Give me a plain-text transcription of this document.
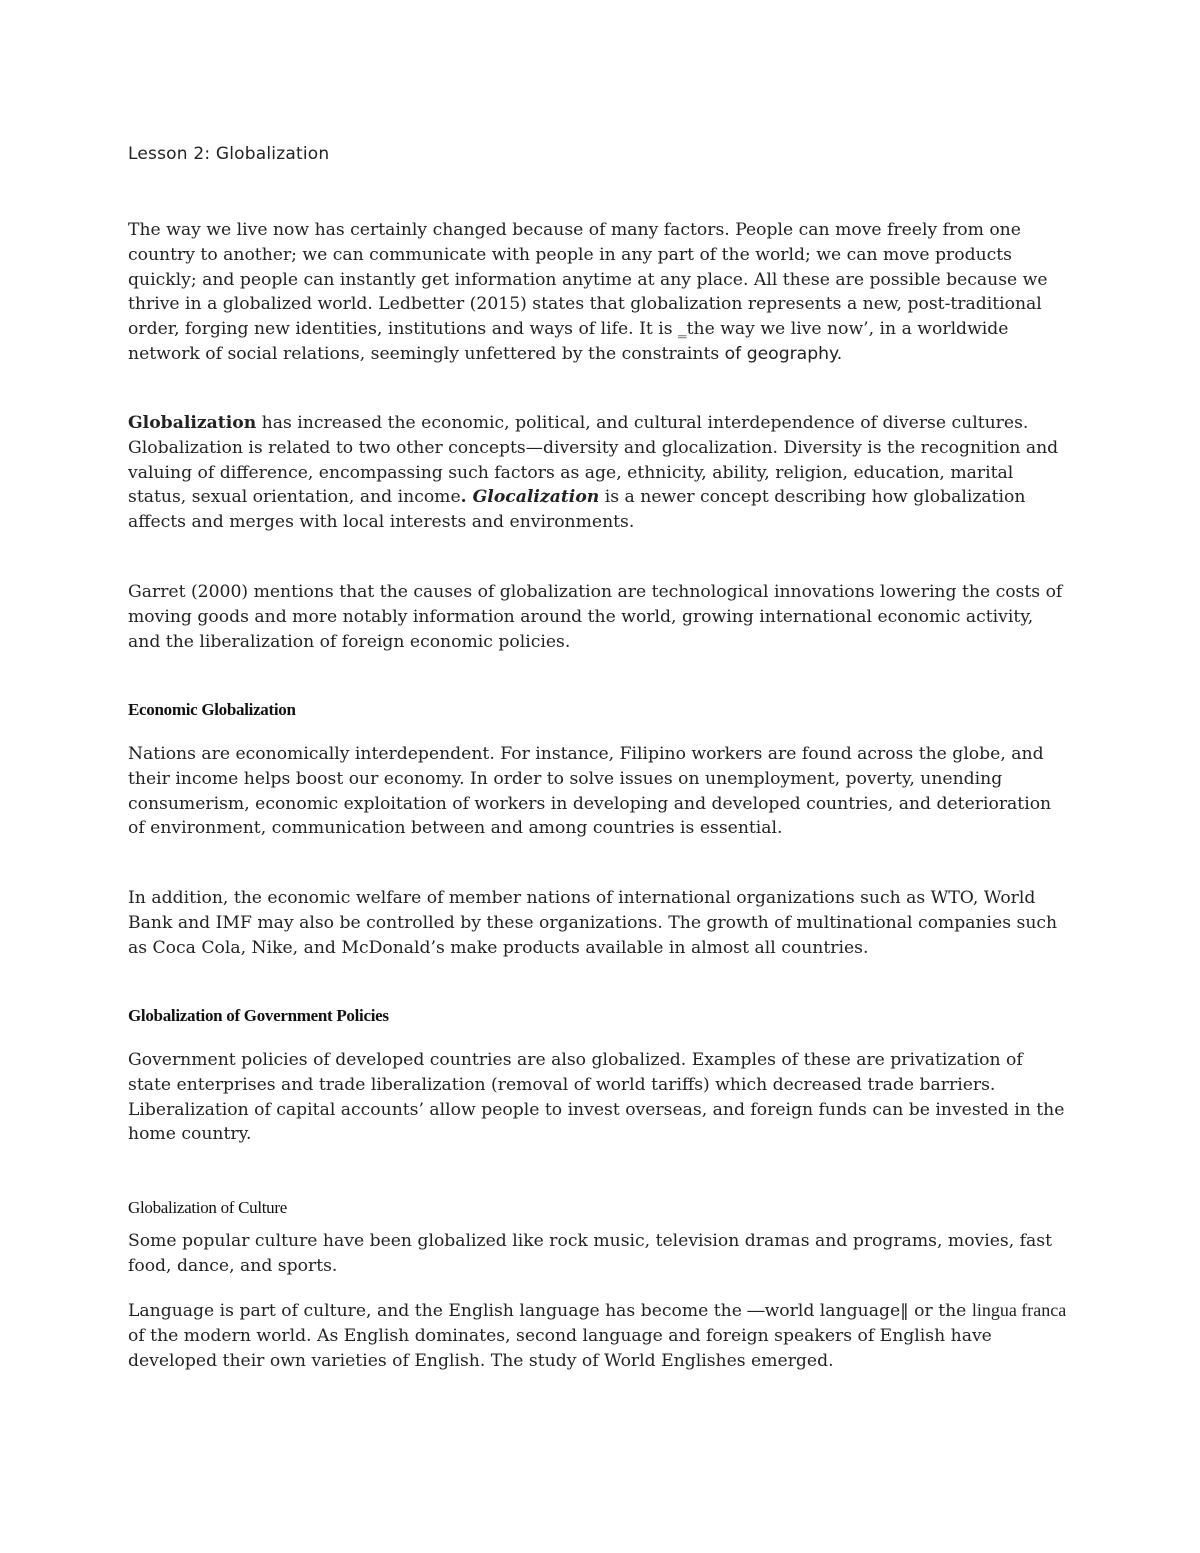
Lesson 2: Globalization

The way we live now has certainly changed because of many factors. People can move freely from one country to another; we can communicate with people in any part of the world; we can move products quickly; and people can instantly get information anytime at any place. All these are possible because we thrive in a globalized world. Ledbetter (2015) states that globalization represents a new, post-traditional order, forging new identities, institutions and ways of life. It is ‗the way we live now’, in a worldwide network of social relations, seemingly unfettered by the constraints of geography.

Globalization has increased the economic, political, and cultural interdependence of diverse cultures. Globalization is related to two other concepts—diversity and glocalization. Diversity is the recognition and valuing of difference, encompassing such factors as age, ethnicity, ability, religion, education, marital status, sexual orientation, and income. Glocalization is a newer concept describing how globalization affects and merges with local interests and environments.

Garret (2000) mentions that the causes of globalization are technological innovations lowering the costs of moving goods and more notably information around the world, growing international economic activity, and the liberalization of foreign economic policies.

Economic Globalization

Nations are economically interdependent. For instance, Filipino workers are found across the globe, and their income helps boost our economy. In order to solve issues on unemployment, poverty, unending consumerism, economic exploitation of workers in developing and developed countries, and deterioration of environment, communication between and among countries is essential.

In addition, the economic welfare of member nations of international organizations such as WTO, World Bank and IMF may also be controlled by these organizations. The growth of multinational companies such as Coca Cola, Nike, and McDonald’s make products available in almost all countries.

Globalization of Government Policies

Government policies of developed countries are also globalized. Examples of these are privatization of state enterprises and trade liberalization (removal of world tariffs) which decreased trade barriers. Liberalization of capital accounts’ allow people to invest overseas, and foreign funds can be invested in the home country.

Globalization of Culture

Some popular culture have been globalized like rock music, television dramas and programs, movies, fast food, dance, and sports.

Language is part of culture, and the English language has become the ―world language‖ or the lingua franca of the modern world. As English dominates, second language and foreign speakers of English have developed their own varieties of English. The study of World Englishes emerged.
